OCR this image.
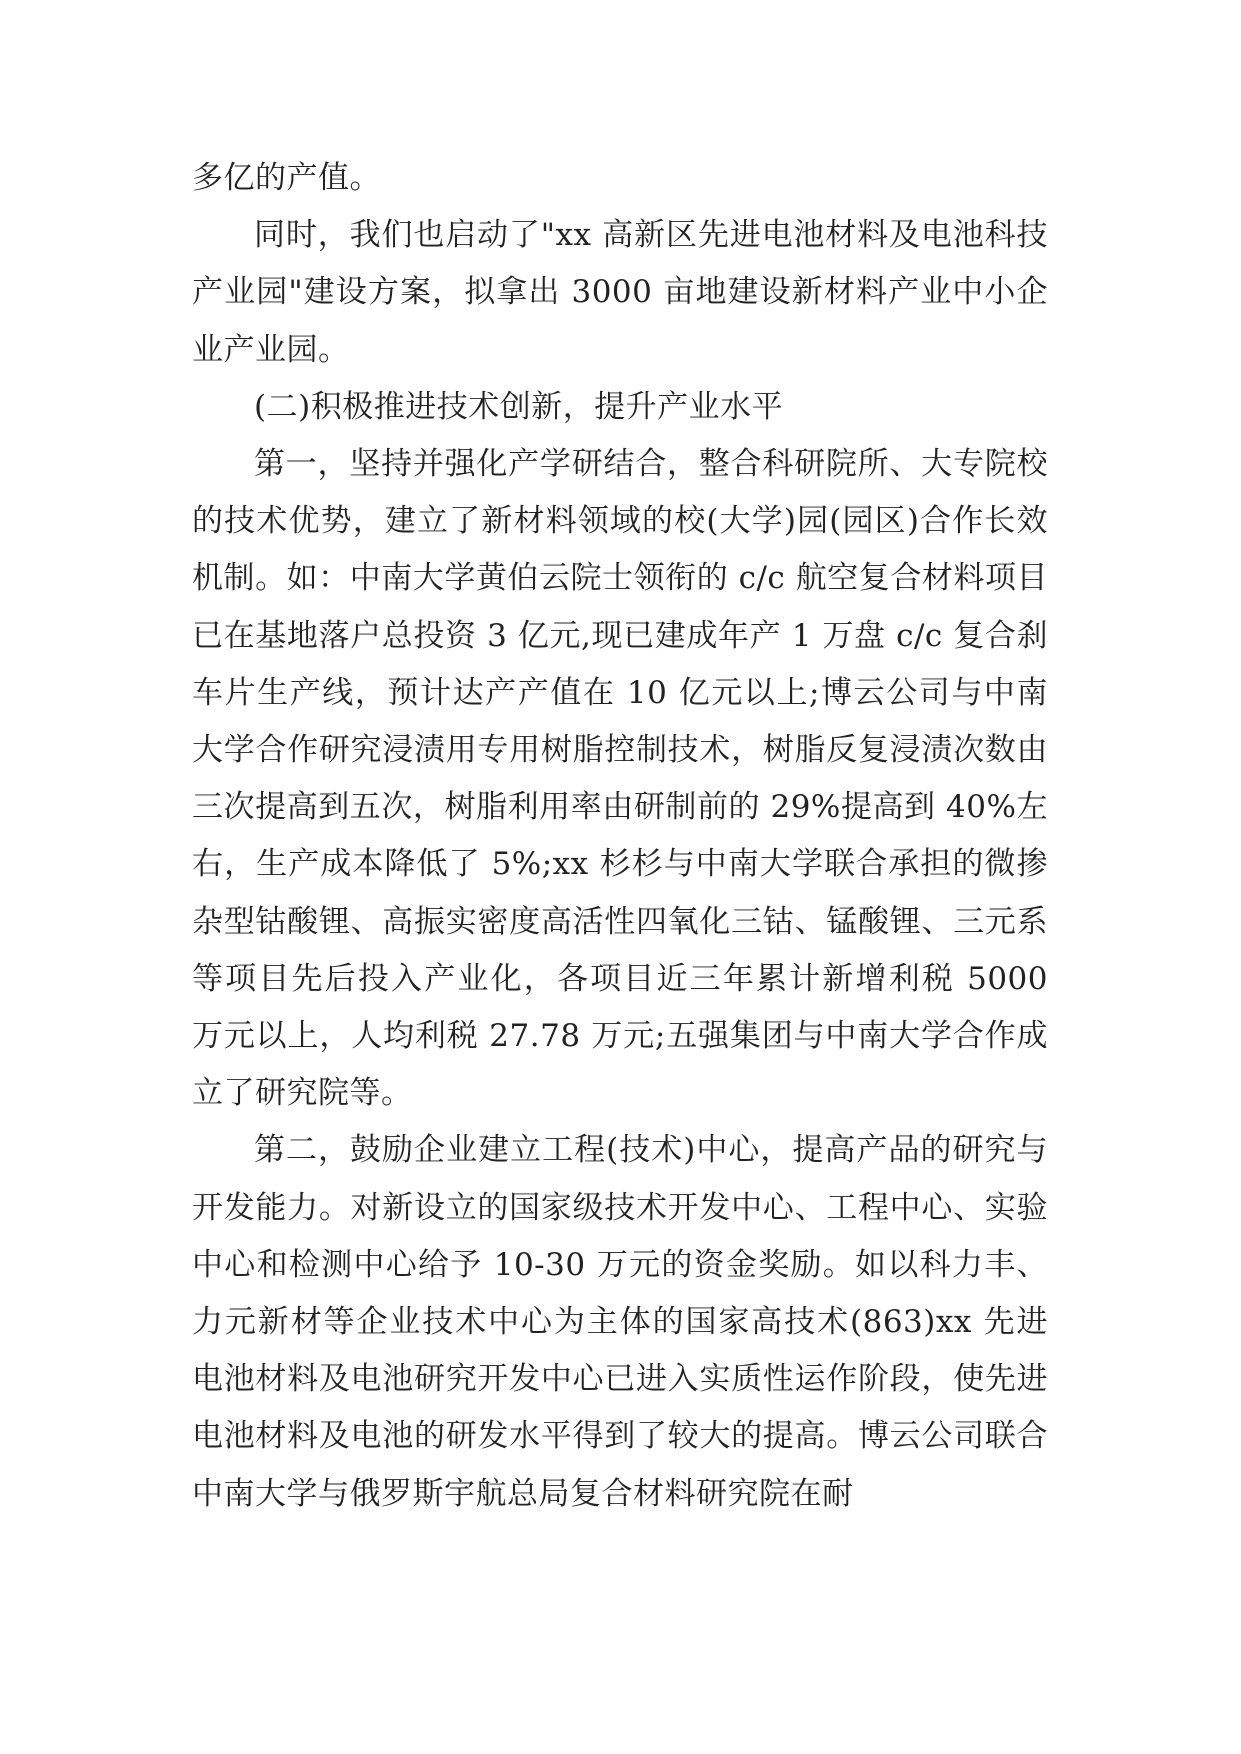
多亿的产值。

同时，我们也启动了"xx 高新区先进电池材料及电池科技产业园"建设方案，拟拿出 3000 亩地建设新材料产业中小企业产业园。

(二)积极推进技术创新，提升产业水平

第一，坚持并强化产学研结合，整合科研院所、大专院校的技术优势，建立了新材料领域的校(大学)园(园区)合作长效机制。如：中南大学黄伯云院士领衔的 c/c 航空复合材料项目已在基地落户总投资 3 亿元,现已建成年产 1 万盘 c/c 复合刹车片生产线，预计达产产值在 10 亿元以上;博云公司与中南大学合作研究浸渍用专用树脂控制技术，树脂反复浸渍次数由三次提高到五次，树脂利用率由研制前的 29%提高到 40%左右，生产成本降低了 5%;xx 杉杉与中南大学联合承担的微掺杂型钴酸锂、高振实密度高活性四氧化三钴、锰酸锂、三元系等项目先后投入产业化，各项目近三年累计新增利税 5000 万元以上，人均利税 27.78 万元;五强集团与中南大学合作成立了研究院等。

第二，鼓励企业建立工程(技术)中心，提高产品的研究与开发能力。对新设立的国家级技术开发中心、工程中心、实验中心和检测中心给予 10-30 万元的资金奖励。如以科力丰、力元新材等企业技术中心为主体的国家高技术(863)xx 先进电池材料及电池研究开发中心已进入实质性运作阶段，使先进电池材料及电池的研发水平得到了较大的提高。博云公司联合中南大学与俄罗斯宇航总局复合材料研究院在耐
